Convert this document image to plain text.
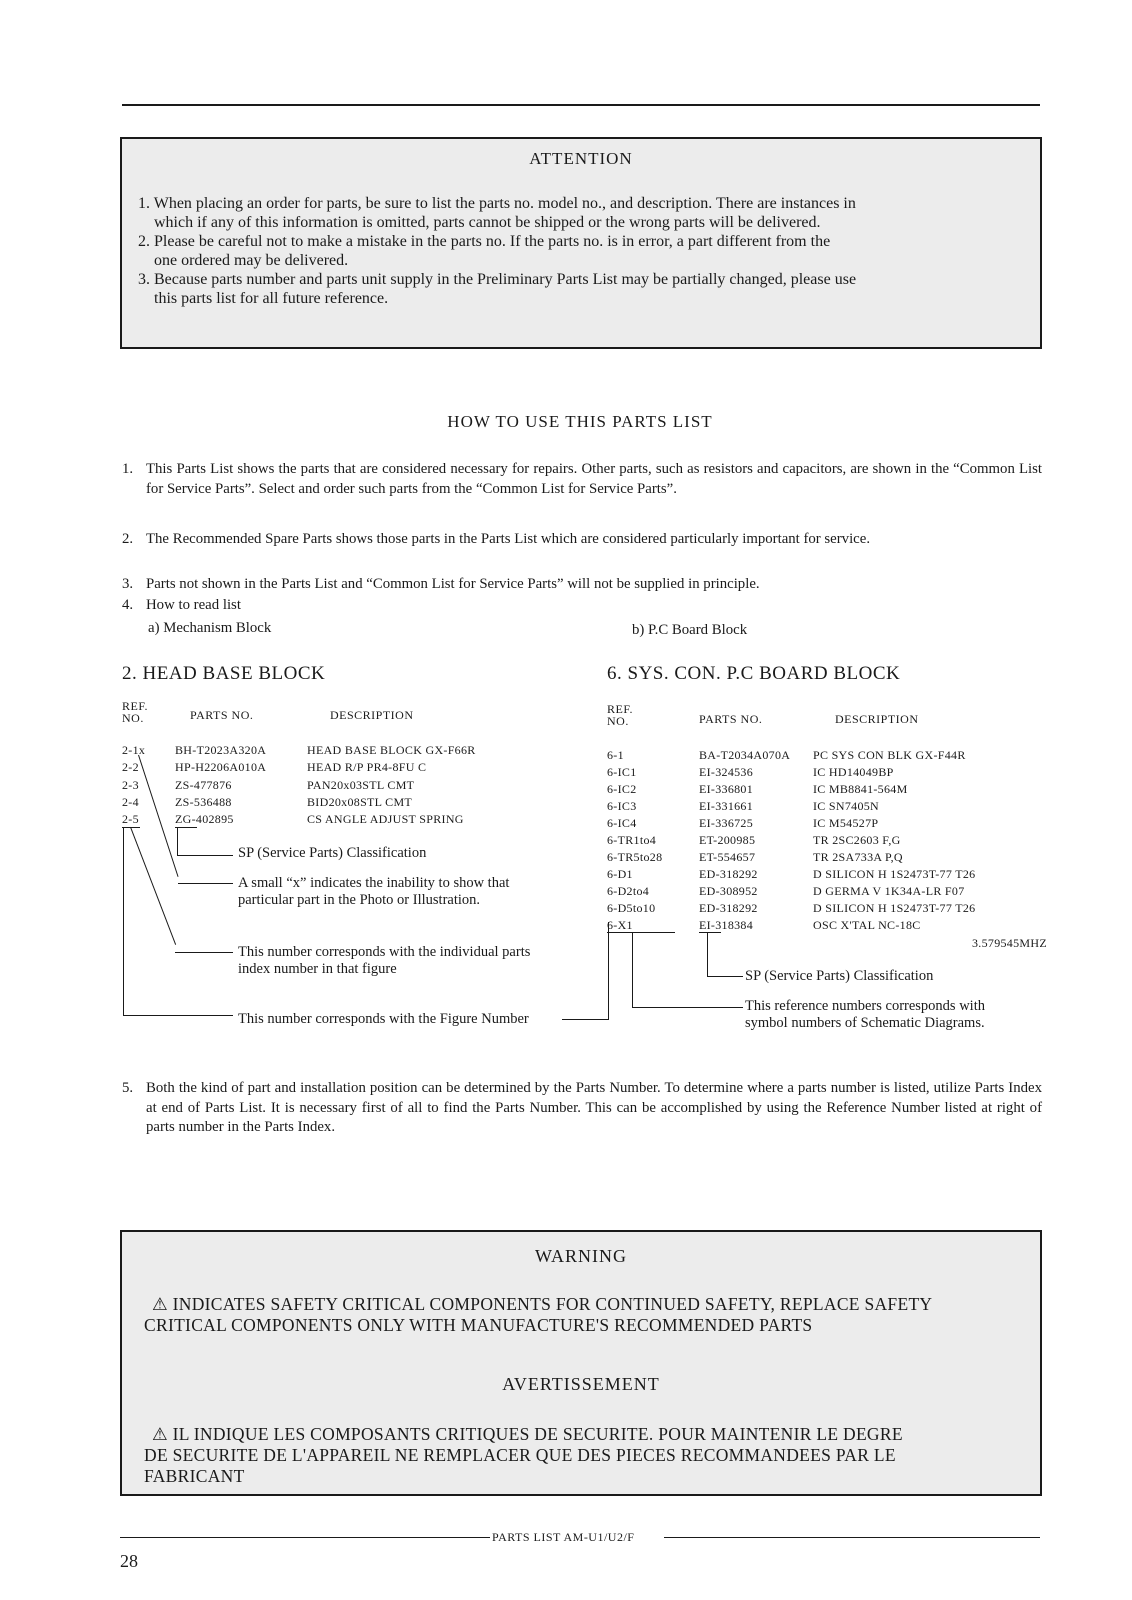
ATTENTION
1. When placing an order for parts, be sure to list the parts no. model no., and description. There are instances in
which if any of this information is omitted, parts cannot be shipped or the wrong parts will be delivered.
2. Please be careful not to make a mistake in the parts no. If the parts no. is in error, a part different from the
one ordered may be delivered.
3. Because parts number and parts unit supply in the Preliminary Parts List may be partially changed, please use
this parts list for all future reference.
HOW TO USE THIS PARTS LIST
1. This Parts List shows the parts that are considered necessary for repairs. Other parts, such as resistors and capacitors, are shown in the “Common List for Service Parts”. Select and order such parts from the “Common List for Service Parts”.
2. The Recommended Spare Parts shows those parts in the Parts List which are considered particularly important for service.
3. Parts not shown in the Parts List and “Common List for Service Parts” will not be supplied in principle.
4. How to read list
a) Mechanism Block	b) P.C Board Block
2. HEAD BASE BLOCK
REF.
NO.	PARTS NO.	DESCRIPTION
2-1x BH-T2023A320A	HEAD BASE BLOCK GX-F66R
2-2	HP-H2206A010A	HEAD R/P PR4-8FU C
2-3	ZS-477876	PAN20x03STL CMT
2-4	ZS-536488	BID20x08STL CMT
2-5	ZG-402895	CS ANGLE ADJUST SPRING
SP (Service Parts) Classification
A small “x” indicates the inability to show that particular part in the Photo or Illustration.
This number corresponds with the individual parts index number in that figure
This number corresponds with the Figure Number
6. SYS. CON. P.C BOARD BLOCK
REF.
NO.	PARTS NO.	DESCRIPTION
6-1	BA-T2034A070A PC SYS CON BLK GX-F44R
6-IC1	EI-324536	IC HD14049BP
6-IC2	EI-336801	IC MB8841-564M
6-IC3	EI-331661	IC SN7405N
6-IC4	EI-336725	IC M54527P
6-TR1to4	ET-200985	TR 2SC2603 F,G
6-TR5to28	ET-554657	TR 2SA733A P,Q
6-D1	ED-318292	D SILICON H 1S2473T-77 T26
6-D2to4	ED-308952	D GERMA V 1K34A-LR F07
6-D5to10	ED-318292	D SILICON H 1S2473T-77 T26
6-X1	EI-318384	OSC X'TAL NC-18C
3.579545MHZ
SP (Service Parts) Classification
This reference numbers corresponds with symbol numbers of Schematic Diagrams.
5. Both the kind of part and installation position can be determined by the Parts Number. To determine where a parts number is listed, utilize Parts Index at end of Parts List. It is necessary first of all to find the Parts Number. This can be accomplished by using the Reference Number listed at right of parts number in the Parts Index.
WARNING
⚠ INDICATES SAFETY CRITICAL COMPONENTS FOR CONTINUED SAFETY, REPLACE SAFETY
CRITICAL COMPONENTS ONLY WITH MANUFACTURE'S RECOMMENDED PARTS
AVERTISSEMENT
⚠ IL INDIQUE LES COMPOSANTS CRITIQUES DE SECURITE. POUR MAINTENIR LE DEGRE
DE SECURITE DE L'APPAREIL NE REMPLACER QUE DES PIECES RECOMMANDEES PAR LE
FABRICANT
PARTS LIST AM-U1/U2/F
28
